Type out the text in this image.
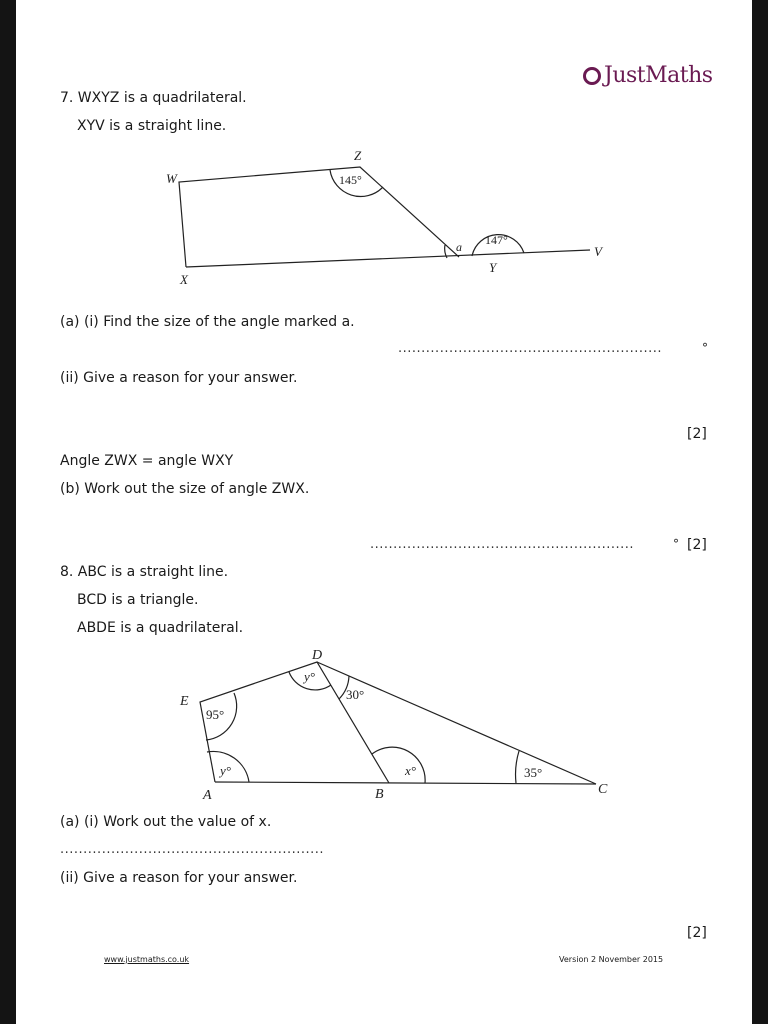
JustMaths
7. WXYZ is a quadrilateral.
XYV is a straight line.
W
Z
X
Y
V
145°
147°
a
(a) (i) Find the size of the angle marked a.
.........................................................	°
(ii) Give a reason for your answer.
[2]
Angle ZWX = angle WXY
(b) Work out the size of angle ZWX.
.........................................................	° [2]
8. ABC is a straight line.
BCD is a triangle.
ABDE is a quadrilateral.
D
E
A	B	C
95°
y°
y°
30°
x°	35°
(a) (i) Work out the value of x.
.........................................................
(ii) Give a reason for your answer.
[2]
www.justmaths.co.uk	Version 2 November 2015
